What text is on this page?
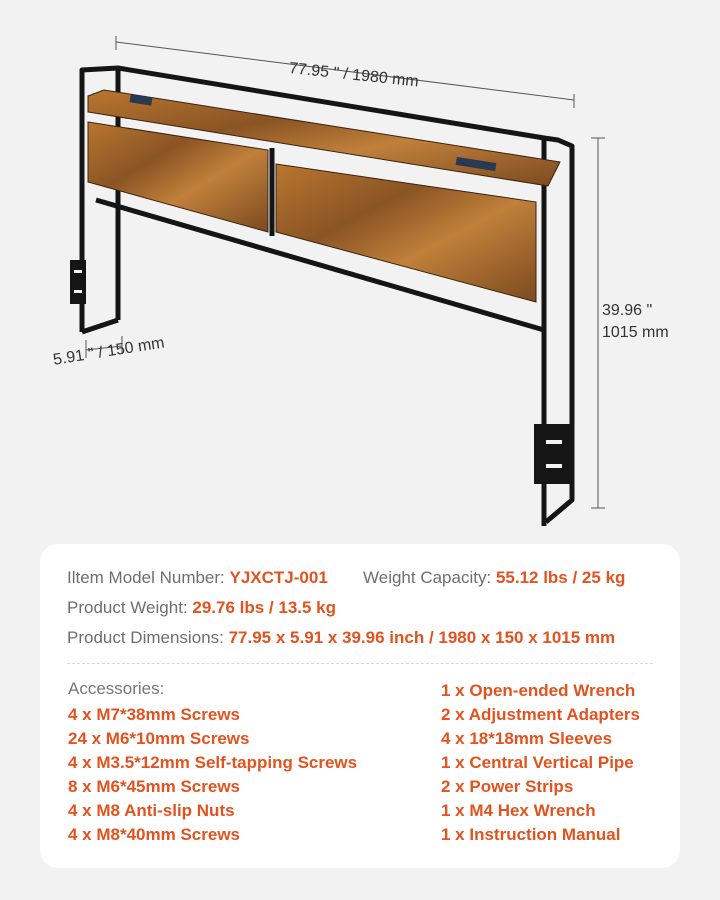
77.95 " / 1980 mm
39.96 "
1015 mm
5.91 " / 150 mm
Iltem Model Number: YJXCTJ-001 Weight Capacity: 55.12 lbs / 25 kg
Product Weight: 29.76 lbs / 13.5 kg
Product Dimensions: 77.95 x 5.91 x 39.96 inch / 1980 x 150 x 1015 mm
Accessories:
4 x M7*38mm Screws
24 x M6*10mm Screws
4 x M3.5*12mm Self-tapping Screws
8 x M6*45mm Screws
4 x M8 Anti-slip Nuts
4 x M8*40mm Screws
1 x Open-ended Wrench
2 x Adjustment Adapters
4 x 18*18mm Sleeves
1 x Central Vertical Pipe
2 x Power Strips
1 x M4 Hex Wrench
1 x Instruction Manual
